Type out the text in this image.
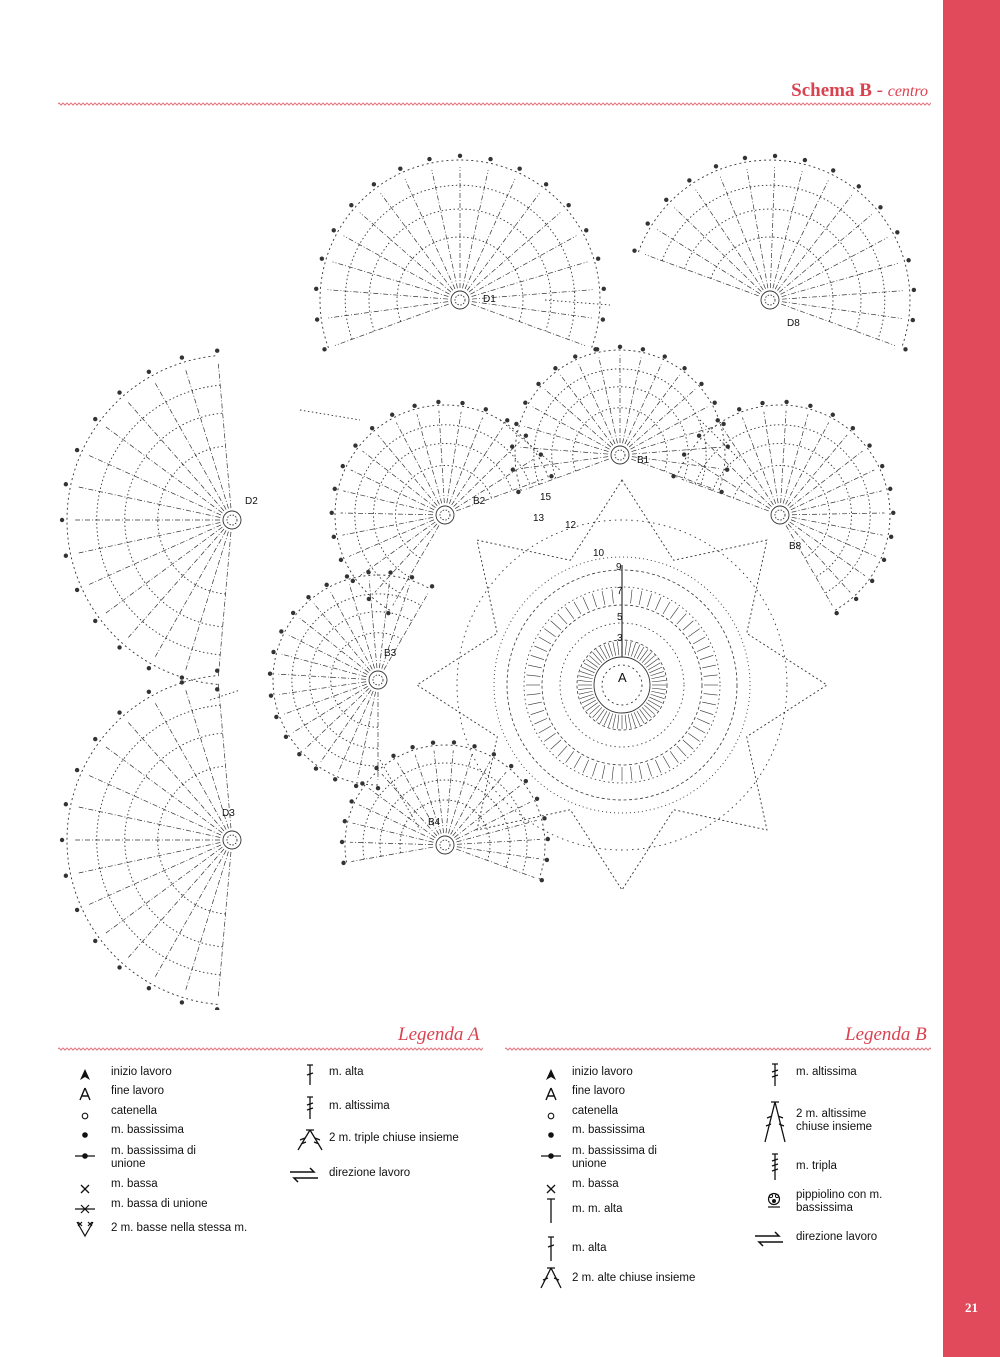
21
Schema B - centro
D1
D8
B1
D2	B2
B8
B3
D3
B4
A
3
5
7
9
10
12
13
15
Legenda A
inizio lavoro
fine lavoro
catenella
m. bassissima
m. bassissima di unione
m. bassa
m. bassa di unione
2 m. basse nella stessa m.
m. alta
m. altissima
2 m. triple chiuse insieme
direzione lavoro
Legenda B
inizio lavoro
fine lavoro
catenella
m. bassissima
m. bassissima di unione
m. bassa
m. m. alta
m. alta
2 m. alte chiuse insieme
m. altissima
2 m. altissime chiuse insieme
m. tripla
pippiolino con m. bassissima
direzione lavoro
